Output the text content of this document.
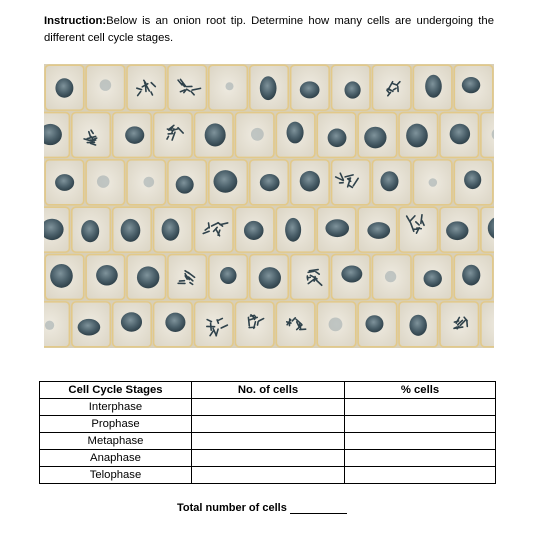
Instruction:Below is an onion root tip. Determine how many cells are undergoing the different cell cycle stages.
Cell Cycle Stages	No. of cells	% cells
Interphase		
Prophase		
Metaphase		
Anaphase		
Telophase		
Total number of cells
